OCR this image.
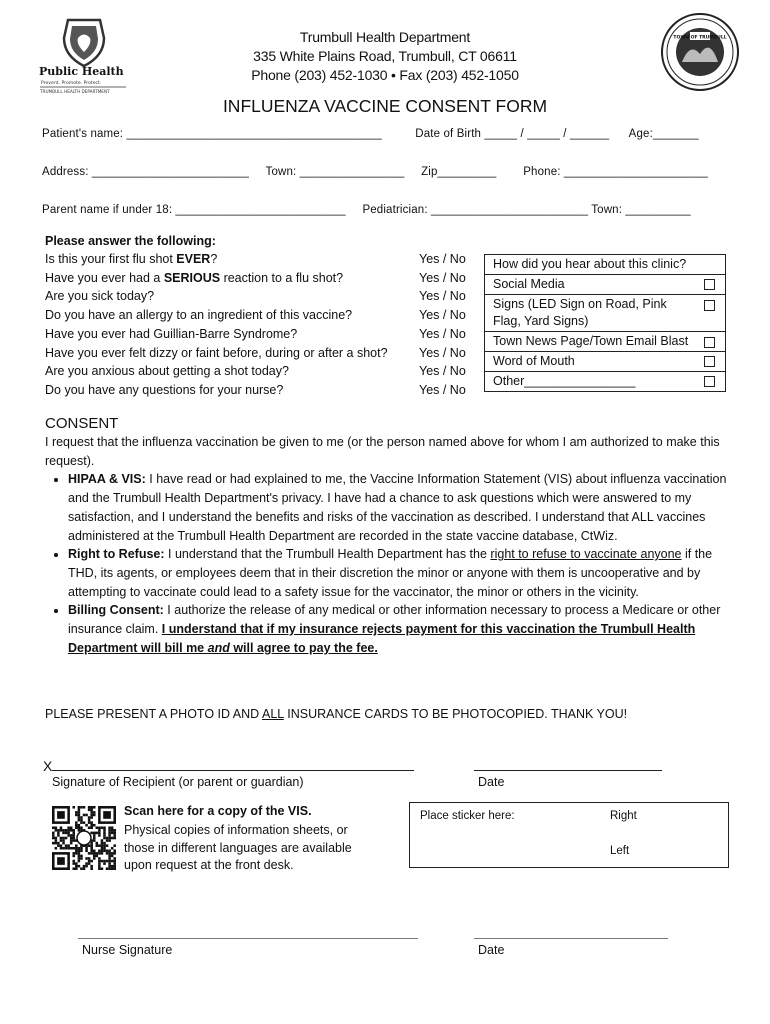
Public Health
Prevent. Promote. Protect.
TRUMBULL HEALTH DEPARTMENT
TOWN OF TRUMBULL
Trumbull Health Department
335 White Plains Road, Trumbull, CT 06611
Phone (203) 452-1030 • Fax (203) 452-1050
INFLUENZA VACCINE CONSENT FORM
Patient's name: _______________________________________          Date of Birth _____ / _____ / ______      Age:_______
Address: ________________________     Town: ________________     Zip_________        Phone: ______________________
Parent name if under 18: __________________________     Pediatrician: ________________________ Town: __________
Please answer the following:
Is this your first flu shot EVER?	Yes / No
Have you ever had a SERIOUS reaction to a flu shot?	Yes / No
Are you sick today?	Yes / No
Do you have an allergy to an ingredient of this vaccine?	Yes / No
Have you ever had Guillian-Barre Syndrome?	Yes / No
Have you ever felt dizzy or faint before, during or after a shot?	Yes / No
Are you anxious about getting a shot today?	Yes / No
Do you have any questions for your nurse?	Yes / No
How did you hear about this clinic?
Social Media
Signs (LED Sign on Road, Pink Flag, Yard Signs)
Town News Page/Town Email Blast
Word of Mouth
Other________________
CONSENT
I request that the influenza vaccination be given to me (or the person named above for whom I am authorized to make this request).
• HIPAA & VIS: I have read or had explained to me, the Vaccine Information Statement (VIS) about influenza vaccination and the Trumbull Health Department's privacy. I have had a chance to ask questions which were answered to my satisfaction, and I understand the benefits and risks of the vaccination as described. I understand that ALL vaccines administered at the Trumbull Health Department are recorded in the state vaccine database, CtWiz.
• Right to Refuse: I understand that the Trumbull Health Department has the right to refuse to vaccinate anyone if the THD, its agents, or employees deem that in their discretion the minor or anyone with them is uncooperative and by attempting to vaccinate could lead to a safety issue for the vaccinator, the minor or others in the vicinity.
• Billing Consent: I authorize the release of any medical or other information necessary to process a Medicare or other insurance claim. I understand that if my insurance rejects payment for this vaccination the Trumbull Health Department will bill me and will agree to pay the fee.
PLEASE PRESENT A PHOTO ID AND ALL INSURANCE CARDS TO BE PHOTOCOPIED. THANK YOU!
X
Signature of Recipient (or parent or guardian)	Date
Scan here for a copy of the VIS.
Physical copies of information sheets, or those in different languages are available upon request at the front desk.
Place sticker here:	Right
Left
Nurse Signature	Date
